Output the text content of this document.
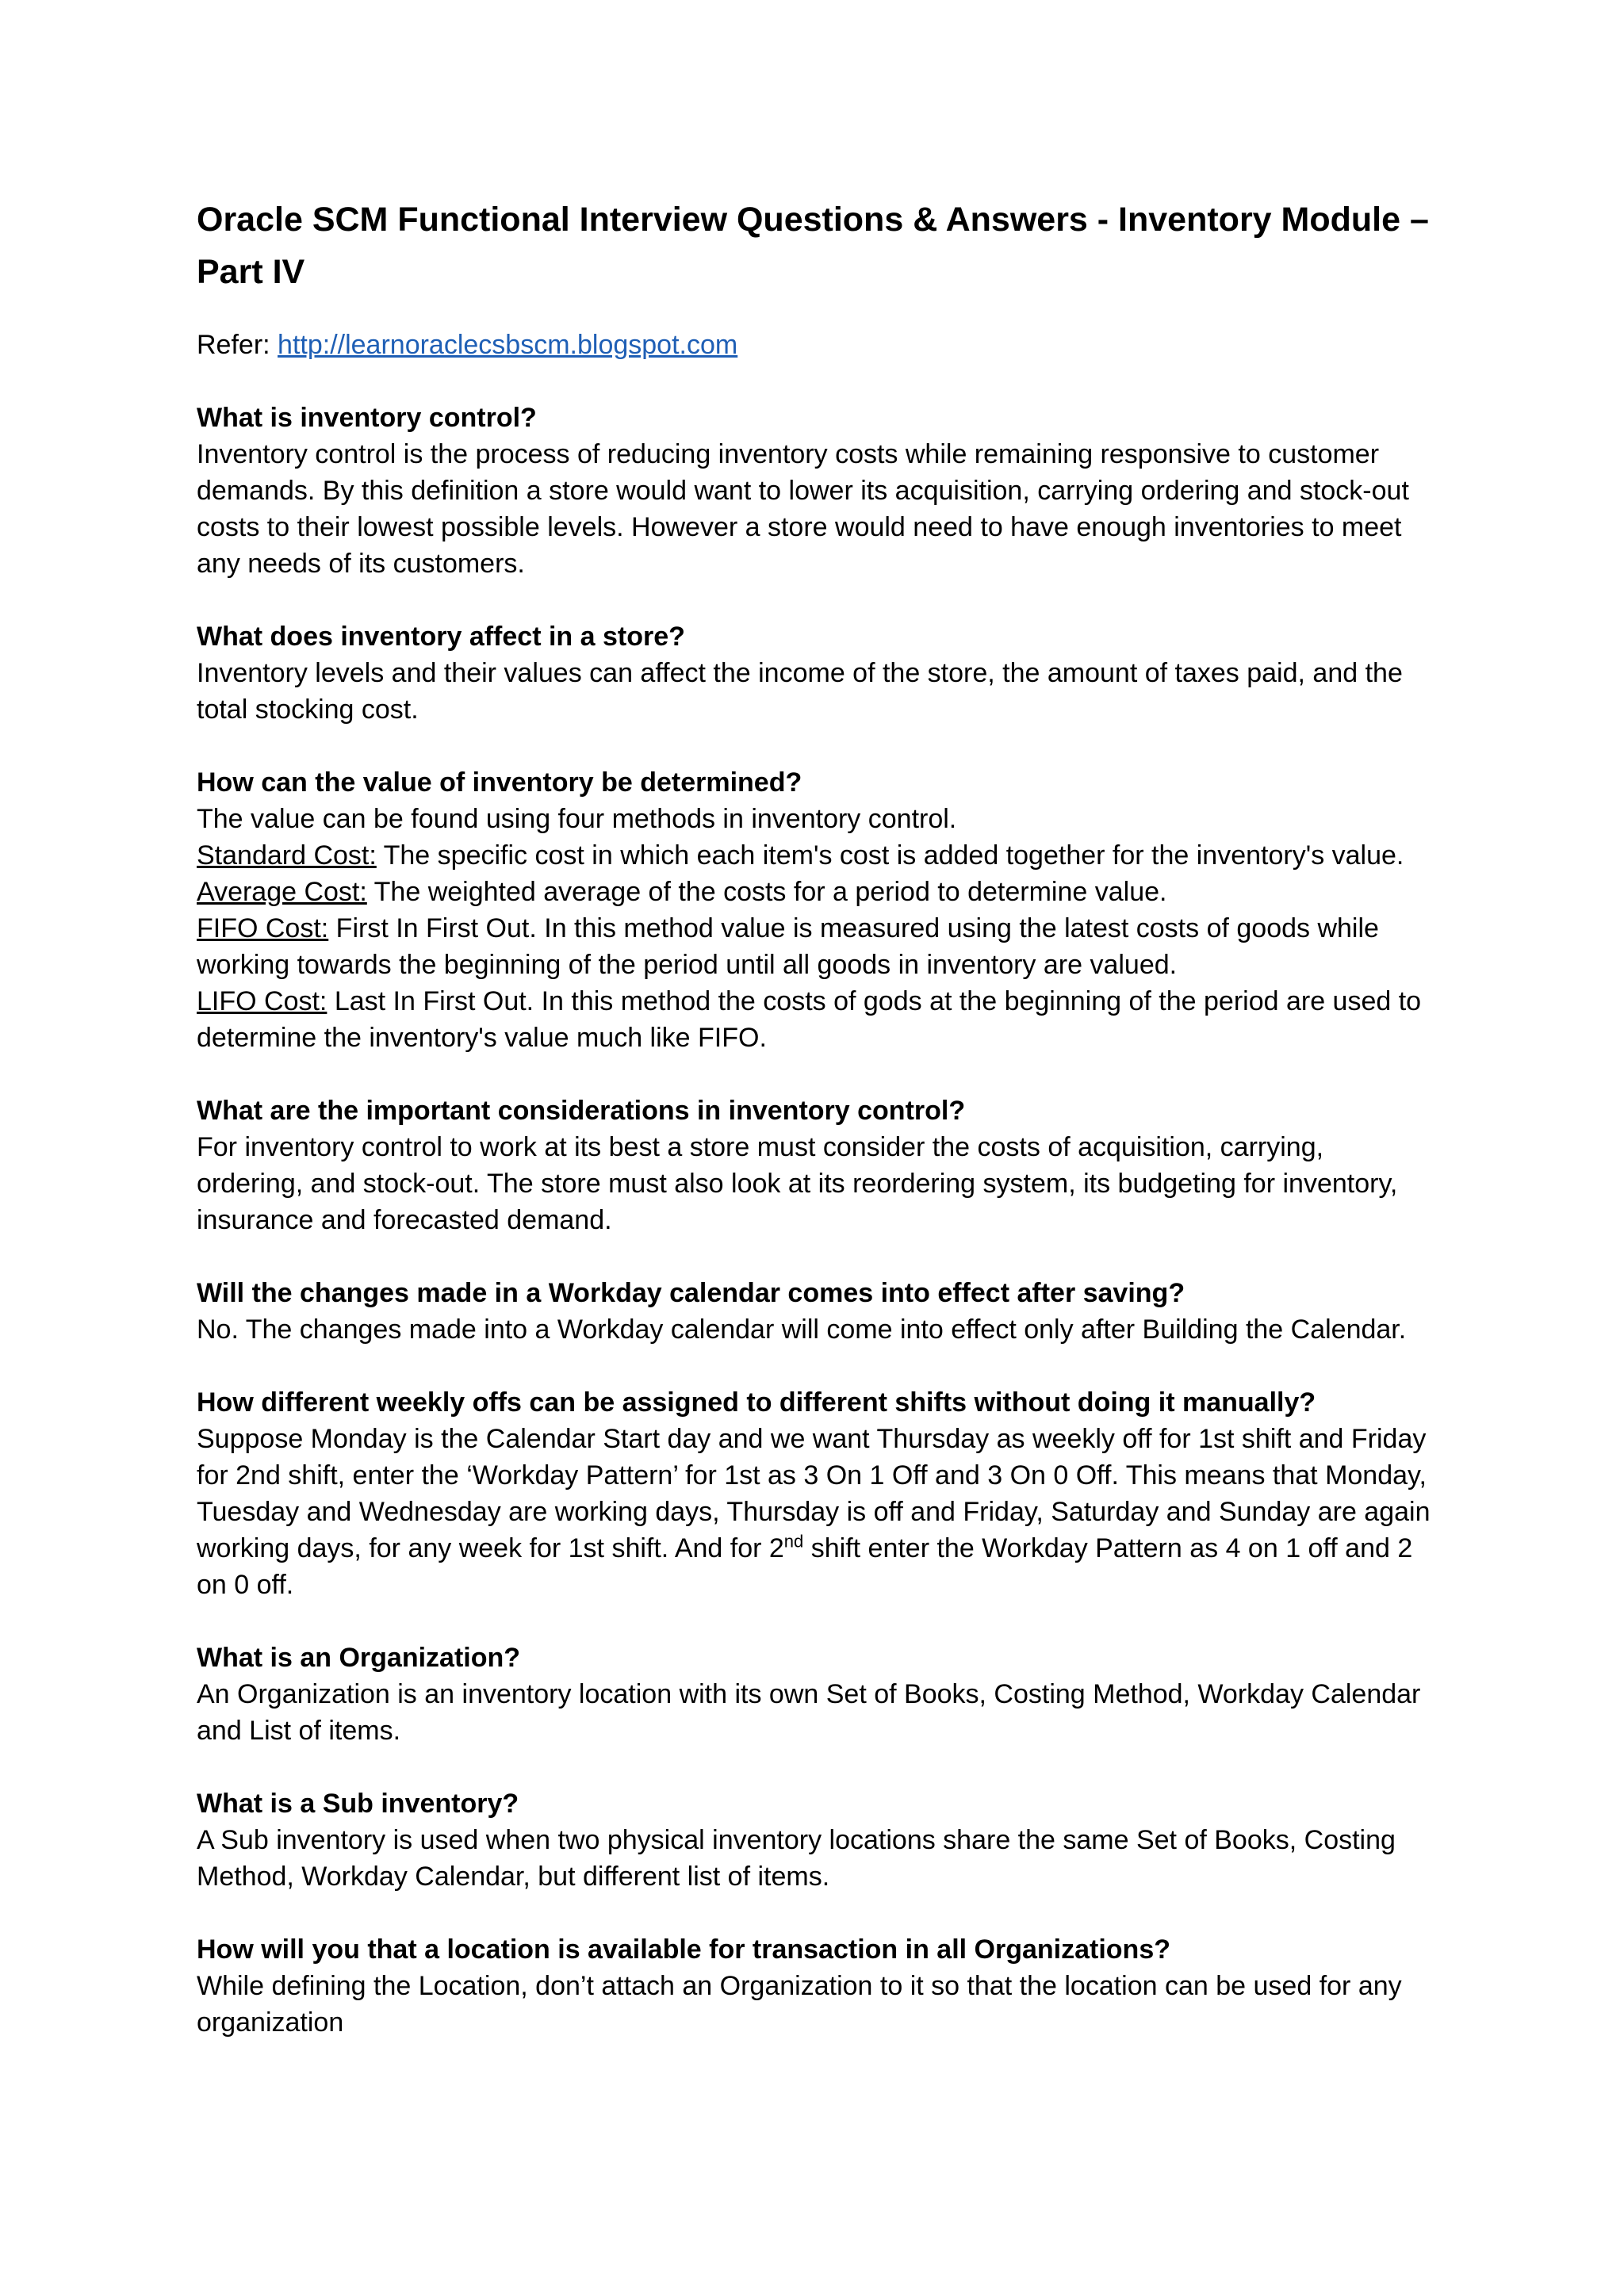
Oracle SCM Functional Interview Questions & Answers - Inventory Module – Part IV

Refer: http://learnoraclecsbscm.blogspot.com

What is inventory control?

Inventory control is the process of reducing inventory costs while remaining responsive to customer demands. By this definition a store would want to lower its acquisition, carrying ordering and stock-out costs to their lowest possible levels. However a store would need to have enough inventories to meet any needs of its customers.

What does inventory affect in a store?

Inventory levels and their values can affect the income of the store, the amount of taxes paid, and the total stocking cost.

How can the value of inventory be determined?

The value can be found using four methods in inventory control.

Standard Cost: The specific cost in which each item's cost is added together for the inventory's value.

Average Cost: The weighted average of the costs for a period to determine value.

FIFO Cost: First In First Out. In this method value is measured using the latest costs of goods while working towards the beginning of the period until all goods in inventory are valued.

LIFO Cost: Last In First Out. In this method the costs of gods at the beginning of the period are used to determine the inventory's value much like FIFO.

What are the important considerations in inventory control?

For inventory control to work at its best a store must consider the costs of acquisition, carrying, ordering, and stock-out. The store must also look at its reordering system, its budgeting for inventory, insurance and forecasted demand.

Will the changes made in a Workday calendar comes into effect after saving?

No. The changes made into a Workday calendar will come into effect only after Building the Calendar.

How different weekly offs can be assigned to different shifts without doing it manually?

Suppose Monday is the Calendar Start day and we want Thursday as weekly off for 1st shift and Friday for 2nd shift, enter the ‘Workday Pattern’ for 1st as 3 On 1 Off and 3 On 0 Off. This means that Monday, Tuesday and Wednesday are working days, Thursday is off and Friday, Saturday and Sunday are again working days, for any week for 1st shift. And for 2nd shift enter the Workday Pattern as 4 on 1 off and 2 on 0 off.

What is an Organization?

An Organization is an inventory location with its own Set of Books, Costing Method, Workday Calendar and List of items.

What is a Sub inventory?

A Sub inventory is used when two physical inventory locations share the same Set of Books, Costing Method, Workday Calendar, but different list of items.

How will you that a location is available for transaction in all Organizations?

While defining the Location, don’t attach an Organization to it so that the location can be used for any organization
